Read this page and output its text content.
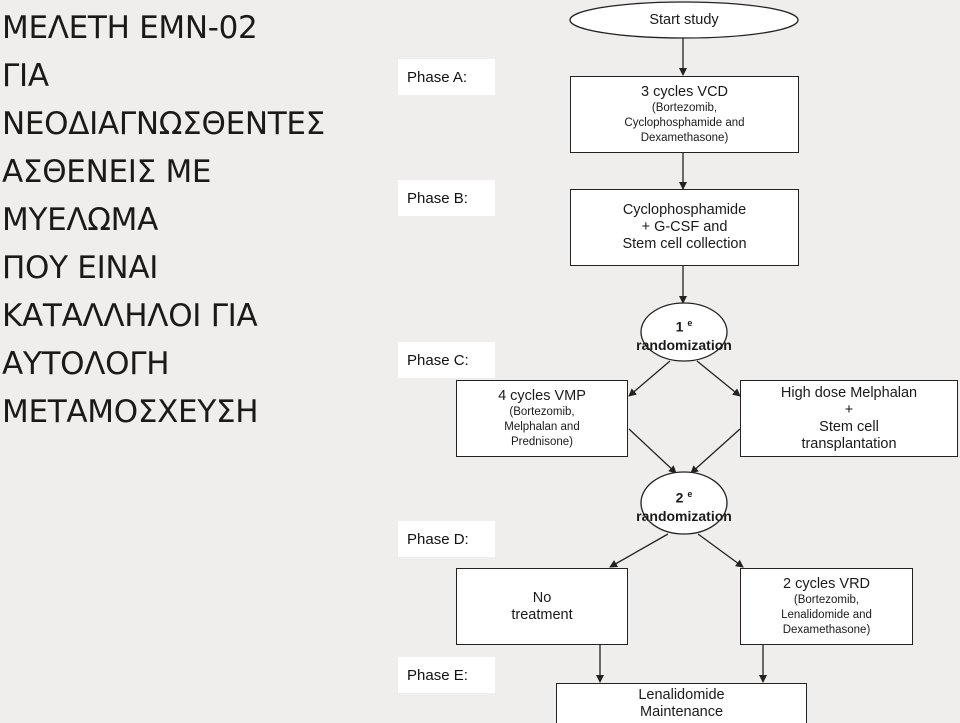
ΜΕΛΕΤΗ ΕΜΝ-02
ΓΙΑ
ΝΕΟΔΙΑΓΝΩΣΘΕΝΤΕΣ
ΑΣΘΕΝΕΙΣ ΜΕ
ΜΥΕΛΩΜΑ
ΠΟΥ ΕΙΝΑΙ
ΚΑΤΑΛΛΗΛΟΙ ΓΙΑ
ΑΥΤΟΛΟΓΗ
ΜΕΤΑΜΟΣΧΕΥΣΗ
Phase A:
Phase B:
Phase C:
Phase D:
Phase E:
Start study
3 cycles VCD
(Bortezomib,
Cyclophosphamide and
Dexamethasone)
Cyclophosphamide
+ G-CSF and
Stem cell collection
1 $^e$
randomization
4 cycles VMP
(Bortezomib,
Melphalan and
Prednisone)
High dose Melphalan
+
Stem cell
transplantation
2 $^e$
randomization
No
treatment
2 cycles VRD
(Bortezomib,
Lenalidomide and
Dexamethasone)
Lenalidomide
Maintenance
